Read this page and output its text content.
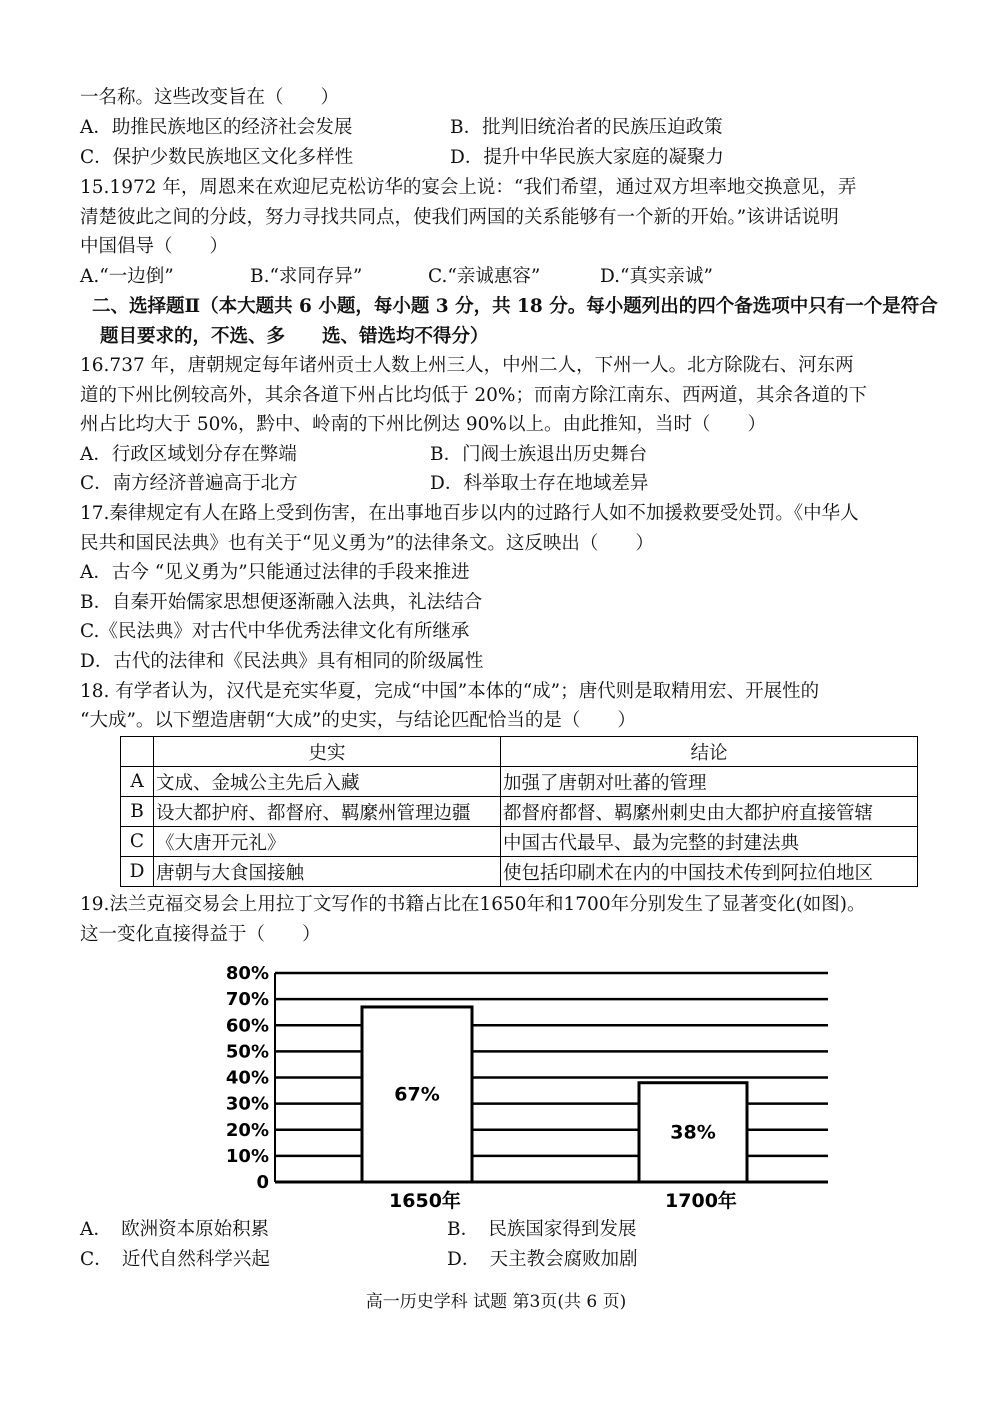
一名称。这些改变旨在（　　）
A．助推民族地区的经济社会发展	B．批判旧统治者的民族压迫政策
C．保护少数民族地区文化多样性	D．提升中华民族大家庭的凝聚力
15.1972 年，周恩来在欢迎尼克松访华的宴会上说：“我们希望，通过双方坦率地交换意见，弄
清楚彼此之间的分歧，努力寻找共同点，使我们两国的关系能够有一个新的开始。”该讲话说明
中国倡导（　　）
A.“一边倒”	B.“求同存异”	C.“亲诚惠容”	D.“真实亲诚”
二、选择题Ⅱ（本大题共 6 小题，每小题 3 分，共 18 分。每小题列出的四个备选项中只有一个是符合
题目要求的，不选、多　　选、错选均不得分）
16.737 年，唐朝规定每年诸州贡士人数上州三人，中州二人，下州一人。北方除陇右、河东两
道的下州比例较高外，其余各道下州占比均低于 20%；而南方除江南东、西两道，其余各道的下
州占比均大于 50%，黔中、岭南的下州比例达 90%以上。由此推知，当时（　　）
A．行政区域划分存在弊端	B．门阀士族退出历史舞台
C．南方经济普遍高于北方	D．科举取士存在地域差异
17.秦律规定有人在路上受到伤害，在出事地百步以内的过路行人如不加援救要受处罚。《中华人
民共和国民法典》也有关于“见义勇为”的法律条文。这反映出（　　）
A．古今 “见义勇为”只能通过法律的手段来推进
B．自秦开始儒家思想便逐渐融入法典，礼法结合
C.《民法典》对古代中华优秀法律文化有所继承
D．古代的法律和《民法典》具有相同的阶级属性
18. 有学者认为，汉代是充实华夏，完成“中国”本体的“成”；唐代则是取精用宏、开展性的
“大成”。以下塑造唐朝“大成”的史实，与结论匹配恰当的是（　　）
	史实	结论
A	文成、金城公主先后入藏	加强了唐朝对吐蕃的管理
B	设大都护府、都督府、羁縻州管理边疆	都督府都督、羁縻州刺史由大都护府直接管辖
C	《大唐开元礼》	中国古代最早、最为完整的封建法典
D	唐朝与大食国接触	使包括印刷术在内的中国技术传到阿拉伯地区
19.法兰克福交易会上用拉丁文写作的书籍占比在1650年和1700年分别发生了显著变化(如图)。
这一变化直接得益于（　　）
0
10%
20%
30%
40%
50%
60%
70%
80%
67%
38%
1650年	1700年
A．　欧洲资本原始积累	B．　民族国家得到发展
C．　近代自然科学兴起	D．　天主教会腐败加剧
高一历史学科 试题 第3页(共 6 页)
